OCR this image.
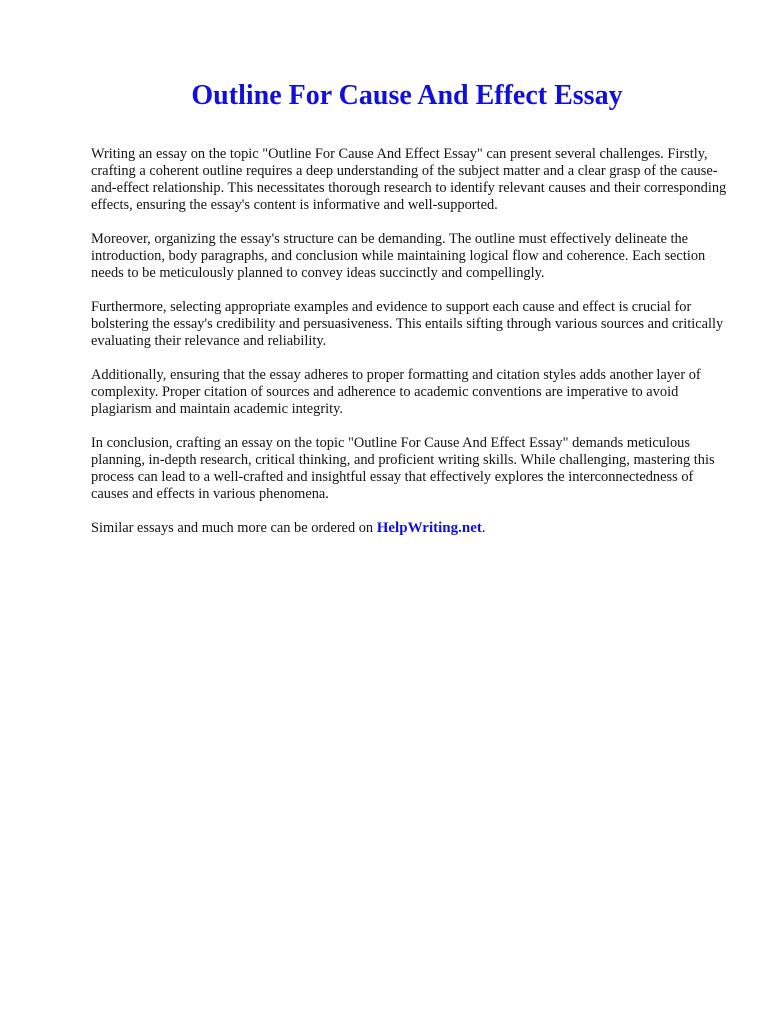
Outline For Cause And Effect Essay

Writing an essay on the topic "Outline For Cause And Effect Essay" can present several challenges. Firstly, crafting a coherent outline requires a deep understanding of the subject matter and a clear grasp of the cause-and-effect relationship. This necessitates thorough research to identify relevant causes and their corresponding effects, ensuring the essay's content is informative and well-supported.

Moreover, organizing the essay's structure can be demanding. The outline must effectively delineate the introduction, body paragraphs, and conclusion while maintaining logical flow and coherence. Each section needs to be meticulously planned to convey ideas succinctly and compellingly.

Furthermore, selecting appropriate examples and evidence to support each cause and effect is crucial for bolstering the essay's credibility and persuasiveness. This entails sifting through various sources and critically evaluating their relevance and reliability.

Additionally, ensuring that the essay adheres to proper formatting and citation styles adds another layer of complexity. Proper citation of sources and adherence to academic conventions are imperative to avoid plagiarism and maintain academic integrity.

In conclusion, crafting an essay on the topic "Outline For Cause And Effect Essay" demands meticulous planning, in-depth research, critical thinking, and proficient writing skills. While challenging, mastering this process can lead to a well-crafted and insightful essay that effectively explores the interconnectedness of causes and effects in various phenomena.

Similar essays and much more can be ordered on HelpWriting.net.
